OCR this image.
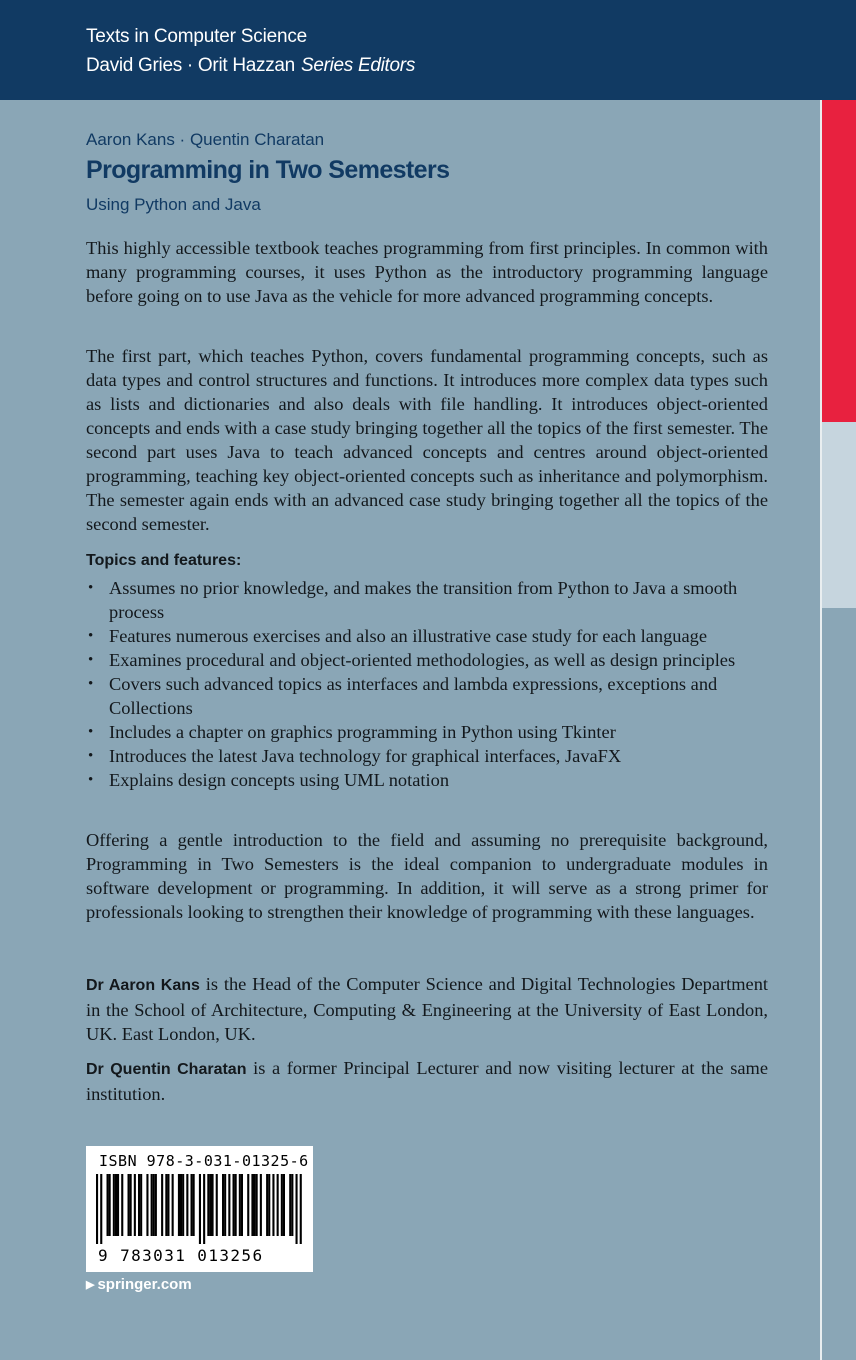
Texts in Computer Science
David Gries · Orit Hazzan Series Editors
Aaron Kans · Quentin Charatan
Programming in Two Semesters
Using Python and Java

This highly accessible textbook teaches programming from first principles. In common with many programming courses, it uses Python as the introductory programming language before going on to use Java as the vehicle for more advanced programming concepts.

The first part, which teaches Python, covers fundamental programming concepts, such as data types and control structures and functions. It introduces more complex data types such as lists and dictionaries and also deals with file handling. It introduces object-oriented concepts and ends with a case study bringing together all the topics of the first semester. The second part uses Java to teach advanced concepts and centres around object-oriented programming, teaching key object-oriented concepts such as inheritance and polymorphism. The semester again ends with an advanced case study bringing together all the topics of the second semester.

Topics and features:
• Assumes no prior knowledge, and makes the transition from Python to Java a smooth process
• Features numerous exercises and also an illustrative case study for each language
• Examines procedural and object-oriented methodologies, as well as design principles
• Covers such advanced topics as interfaces and lambda expressions, exceptions and Collections
• Includes a chapter on graphics programming in Python using Tkinter
• Introduces the latest Java technology for graphical interfaces, JavaFX
• Explains design concepts using UML notation

Offering a gentle introduction to the field and assuming no prerequisite background, Programming in Two Semesters is the ideal companion to undergraduate modules in software development or programming. In addition, it will serve as a strong primer for professionals looking to strengthen their knowledge of programming with these languages.

Dr Aaron Kans is the Head of the Computer Science and Digital Technologies Department in the School of Architecture, Computing & Engineering at the University of East London, UK. East London, UK.

Dr Quentin Charatan is a former Principal Lecturer and now visiting lecturer at the same institution.

ISBN 978-3-031-01325-6
9 783031 013256
▶ springer.com
